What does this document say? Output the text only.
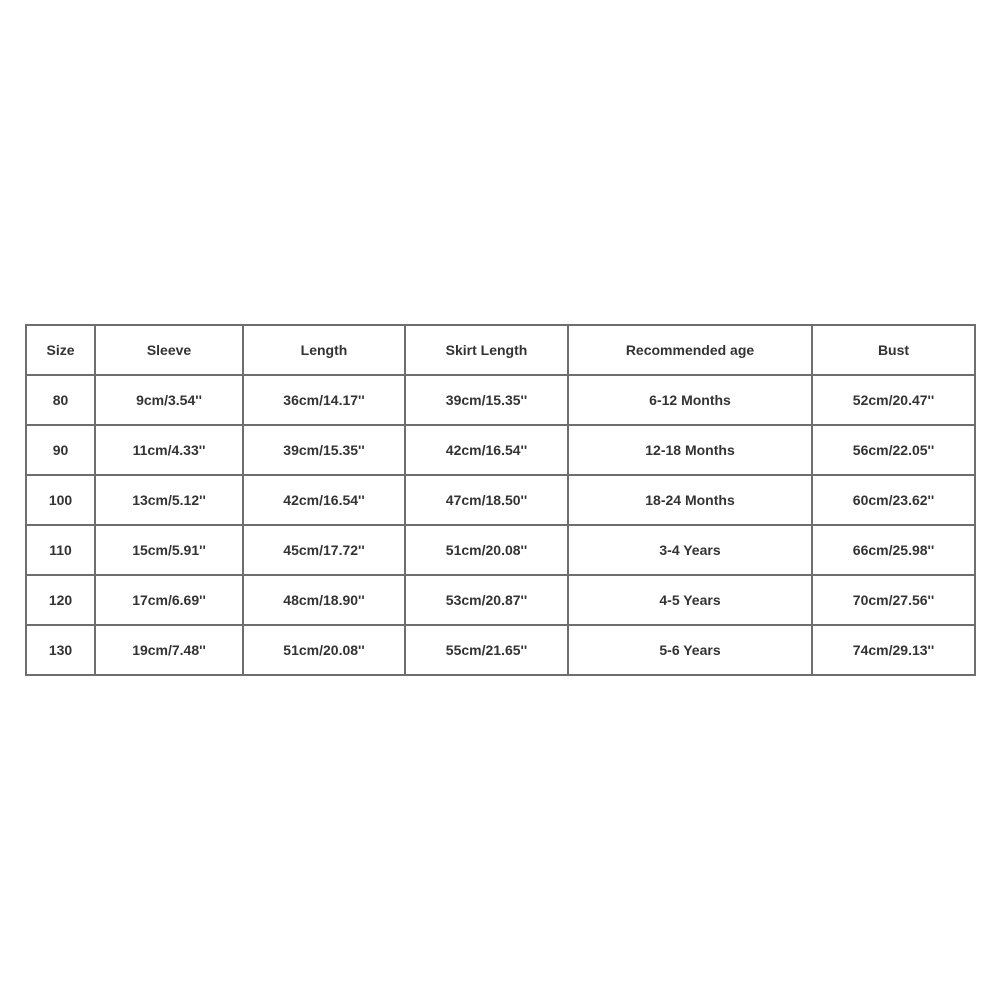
Size	Sleeve	Length	Skirt Length	Recommended age	Bust
80	9cm/3.54''	36cm/14.17''	39cm/15.35''	6-12 Months	52cm/20.47''
90	11cm/4.33''	39cm/15.35''	42cm/16.54''	12-18 Months	56cm/22.05''
100	13cm/5.12''	42cm/16.54''	47cm/18.50''	18-24 Months	60cm/23.62''
110	15cm/5.91''	45cm/17.72''	51cm/20.08''	3-4 Years	66cm/25.98''
120	17cm/6.69''	48cm/18.90''	53cm/20.87''	4-5 Years	70cm/27.56''
130	19cm/7.48''	51cm/20.08''	55cm/21.65''	5-6 Years	74cm/29.13''
